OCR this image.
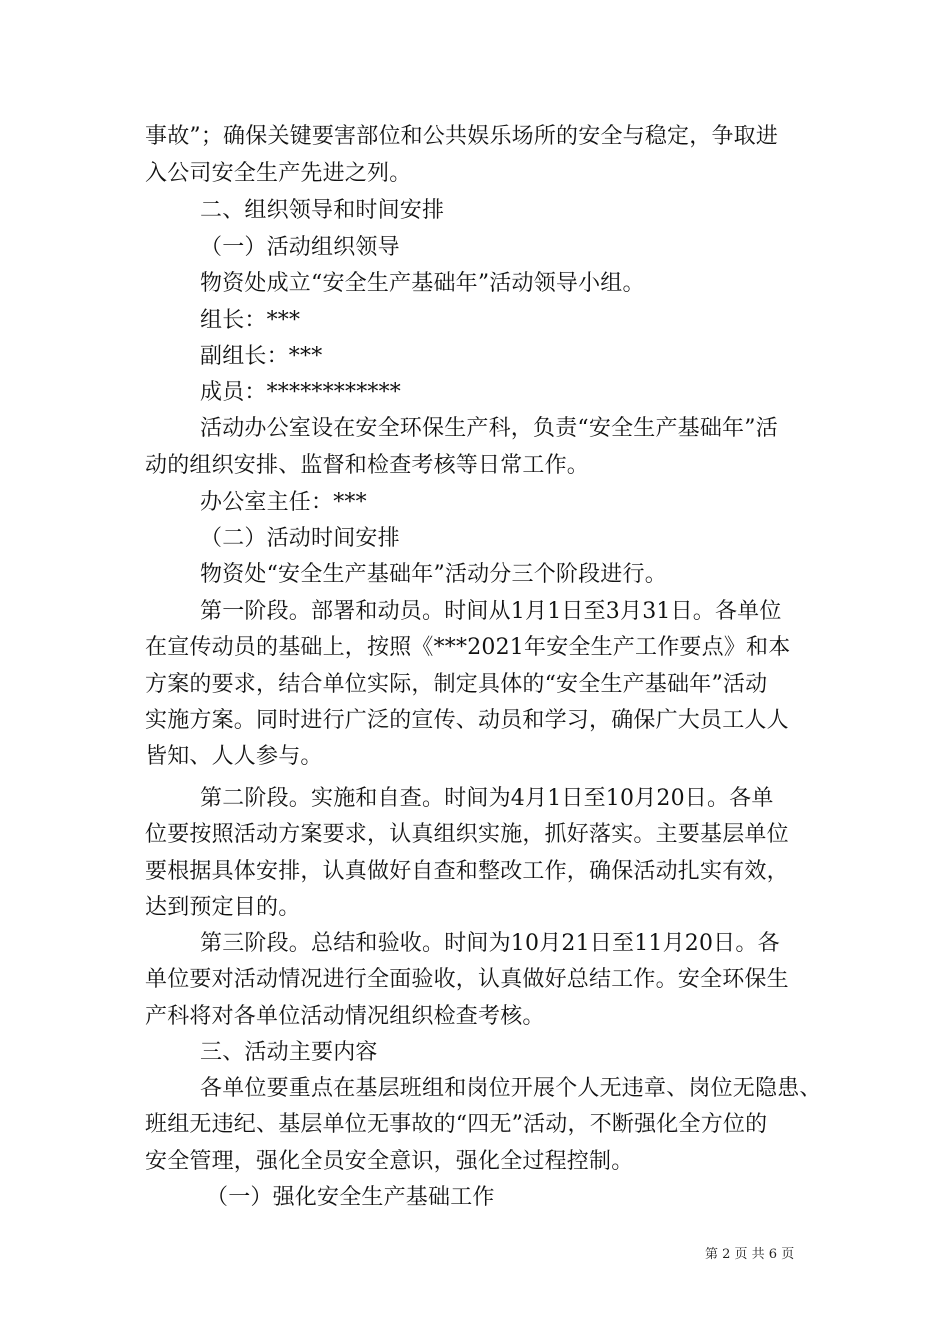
事故”；确保关键要害部位和公共娱乐场所的安全与稳定，争取进
入公司安全生产先进之列。
二、组织领导和时间安排
（一）活动组织领导
物资处成立“安全生产基础年”活动领导小组。
组长：***
副组长：***
成员：************
活动办公室设在安全环保生产科，负责“安全生产基础年”活
动的组织安排、监督和检查考核等日常工作。
办公室主任：***
（二）活动时间安排
物资处“安全生产基础年”活动分三个阶段进行。
第一阶段。部署和动员。时间从1月1日至3月31日。各单位
在宣传动员的基础上，按照《***2021年安全生产工作要点》和本
方案的要求，结合单位实际，制定具体的“安全生产基础年”活动
实施方案。同时进行广泛的宣传、动员和学习，确保广大员工人人
皆知、人人参与。
第二阶段。实施和自查。时间为4月1日至10月20日。各单
位要按照活动方案要求，认真组织实施，抓好落实。主要基层单位
要根据具体安排，认真做好自查和整改工作，确保活动扎实有效，
达到预定目的。
第三阶段。总结和验收。时间为10月21日至11月20日。各
单位要对活动情况进行全面验收，认真做好总结工作。安全环保生
产科将对各单位活动情况组织检查考核。
三、活动主要内容
各单位要重点在基层班组和岗位开展个人无违章、岗位无隐患、
班组无违纪、基层单位无事故的“四无”活动，不断强化全方位的
安全管理，强化全员安全意识，强化全过程控制。
（一）强化安全生产基础工作
第 2 页 共 6 页
